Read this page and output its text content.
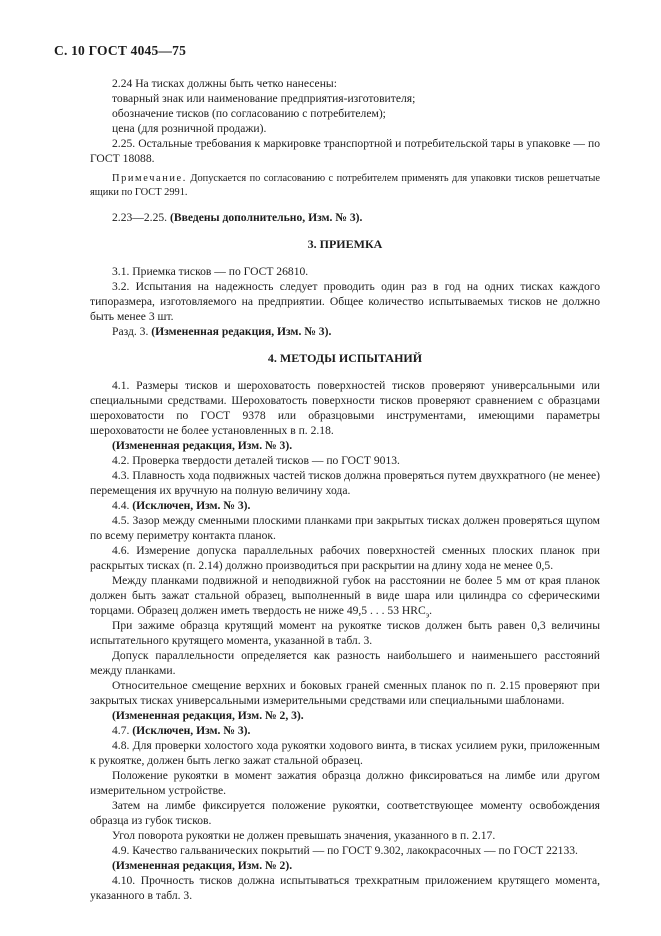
С. 10 ГОСТ 4045—75

2.24 На тисках должны быть четко нанесены:

товарный знак или наименование предприятия-изготовителя;

обозначение тисков (по согласованию с потребителем);

цена (для розничной продажи).

2.25. Остальные требования к маркировке транспортной и потребительской тары в упаковке — по ГОСТ 18088.

Примечание. Допускается по согласованию с потребителем применять для упаковки тисков решетчатые ящики по ГОСТ 2991.

2.23—2.25. (Введены дополнительно, Изм. № 3).

3. ПРИЕМКА

3.1. Приемка тисков — по ГОСТ 26810.

3.2. Испытания на надежность следует проводить один раз в год на одних тисках каждого типоразмера, изготовляемого на предприятии. Общее количество испытываемых тисков не должно быть менее 3 шт.

Разд. 3. (Измененная редакция, Изм. № 3).

4. МЕТОДЫ ИСПЫТАНИЙ

4.1. Размеры тисков и шероховатость поверхностей тисков проверяют универсальными или специальными средствами. Шероховатость поверхности тисков проверяют сравнением с образцами шероховатости по ГОСТ 9378 или образцовыми инструментами, имеющими параметры шероховатости не более установленных в п. 2.18.

(Измененная редакция, Изм. № 3).

4.2. Проверка твердости деталей тисков — по ГОСТ 9013.

4.3. Плавность хода подвижных частей тисков должна проверяться путем двухкратного (не менее) перемещения их вручную на полную величину хода.

4.4. (Исключен, Изм. № 3).

4.5. Зазор между сменными плоскими планками при закрытых тисках должен проверяться щупом по всему периметру контакта планок.

4.6. Измерение допуска параллельных рабочих поверхностей сменных плоских планок при раскрытых тисках (п. 2.14) должно производиться при раскрытии на длину хода не менее 0,5.

Между планками подвижной и неподвижной губок на расстоянии не более 5 мм от края планок должен быть зажат стальной образец, выполненный в виде шара или цилиндра со сферическими торцами. Образец должен иметь твердость не ниже 49,5 . . . 53 $HRC_э$.

При зажиме образца крутящий момент на рукоятке тисков должен быть равен 0,3 величины испытательного крутящего момента, указанной в табл. 3.

Допуск параллельности определяется как разность наибольшего и наименьшего расстояний между планками.

Относительное смещение верхних и боковых граней сменных планок по п. 2.15 проверяют при закрытых тисках универсальными измерительными средствами или специальными шаблонами.

(Измененная редакция, Изм. № 2, 3).

4.7. (Исключен, Изм. № 3).

4.8. Для проверки холостого хода рукоятки ходового винта, в тисках усилием руки, приложенным к рукоятке, должен быть легко зажат стальной образец.

Положение рукоятки в момент зажатия образца должно фиксироваться на лимбе или другом измерительном устройстве.

Затем на лимбе фиксируется положение рукоятки, соответствующее моменту освобождения образца из губок тисков.

Угол поворота рукоятки не должен превышать значения, указанного в п. 2.17.

4.9. Качество гальванических покрытий — по ГОСТ 9.302, лакокрасочных — по ГОСТ 22133.

(Измененная редакция, Изм. № 2).

4.10. Прочность тисков должна испытываться трехкратным приложением крутящего момента, указанного в табл. 3.
